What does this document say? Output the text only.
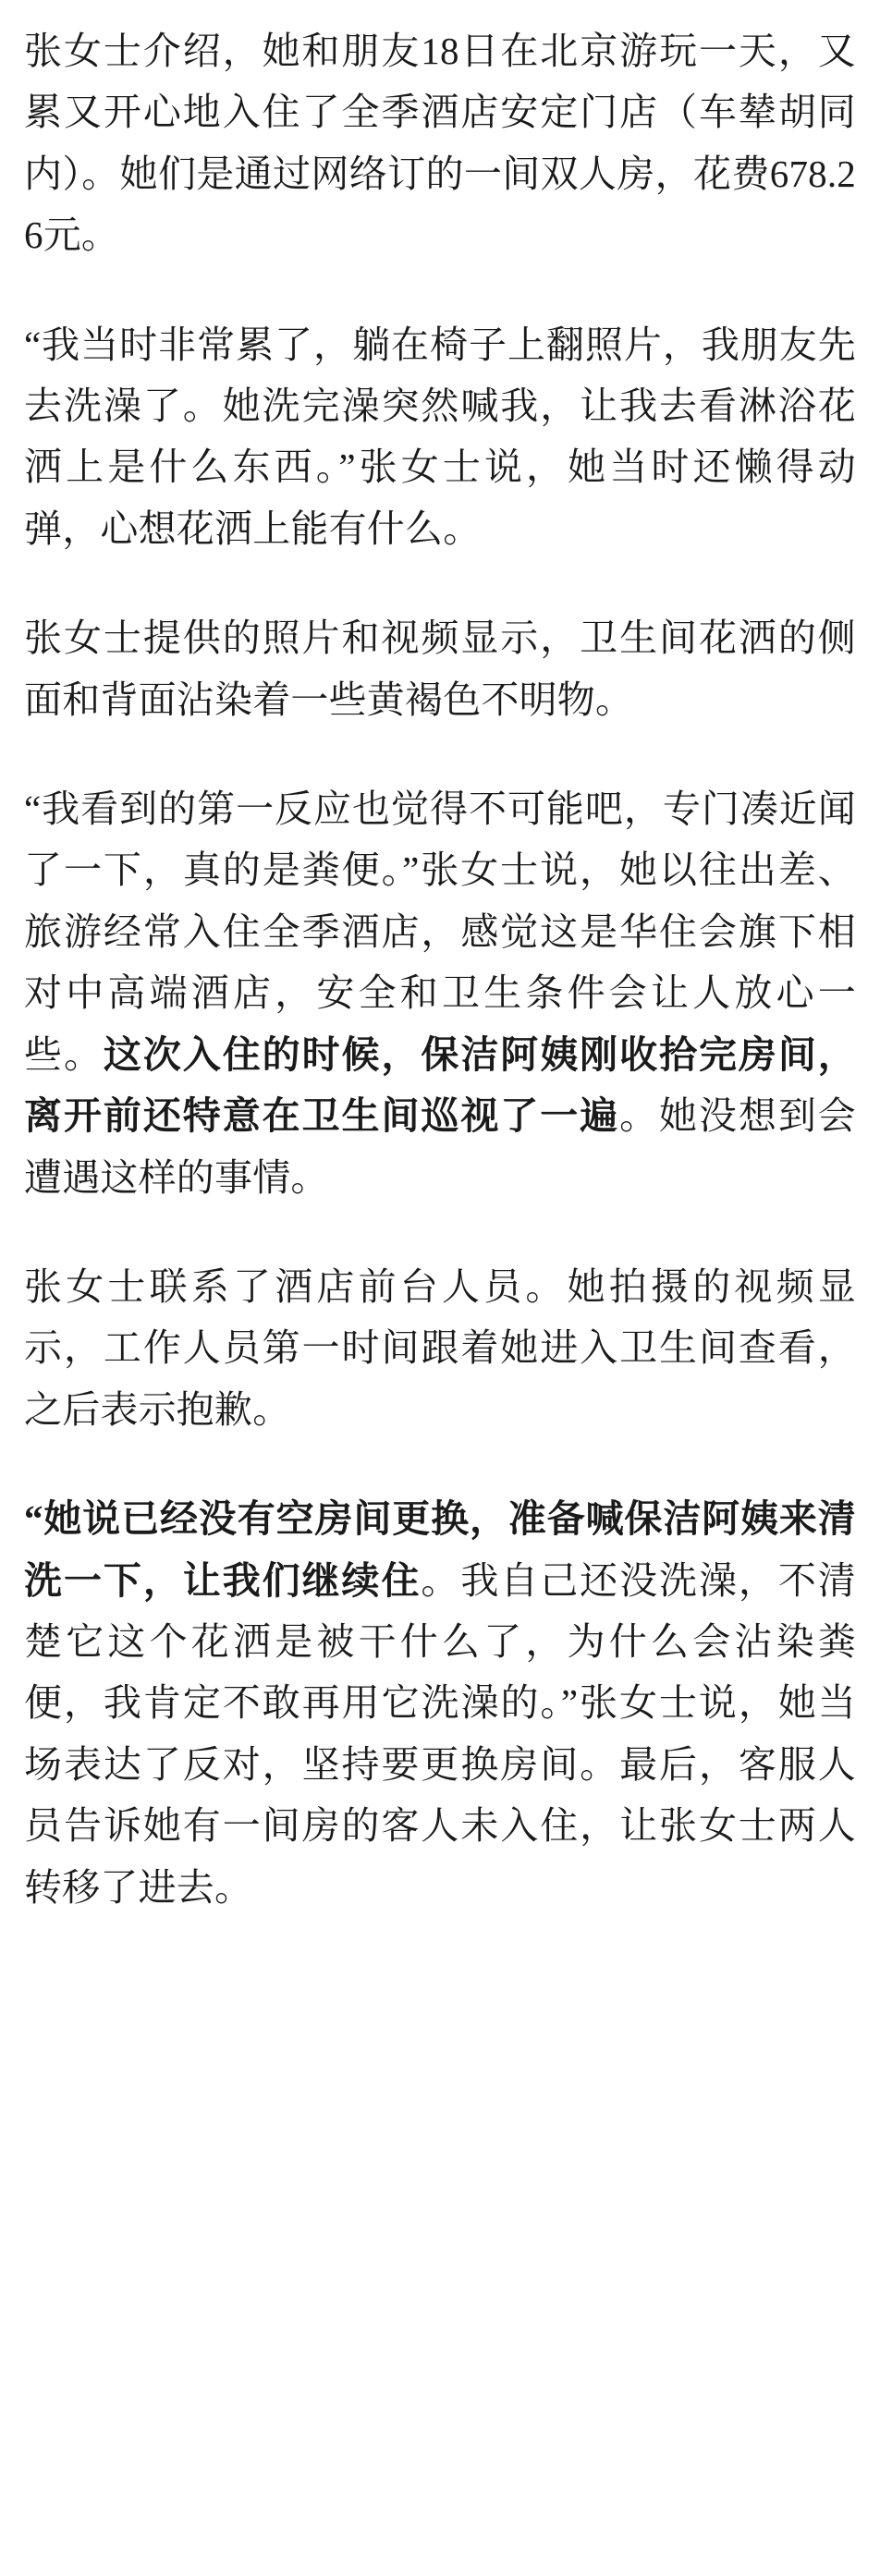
张女士介绍，她和朋友18日在北京游玩一天，又累又开心地入住了全季酒店安定门店（车辇胡同内）。她们是通过网络订的一间双人房，花费678.26元。

“我当时非常累了，躺在椅子上翻照片，我朋友先去洗澡了。她洗完澡突然喊我，让我去看淋浴花洒上是什么东西。”张女士说，她当时还懒得动弹，心想花洒上能有什么。

张女士提供的照片和视频显示，卫生间花洒的侧面和背面沾染着一些黄褐色不明物。

“我看到的第一反应也觉得不可能吧，专门凑近闻了一下，真的是粪便。”张女士说，她以往出差、旅游经常入住全季酒店，感觉这是华住会旗下相对中高端酒店，安全和卫生条件会让人放心一些。这次入住的时候，保洁阿姨刚收拾完房间，离开前还特意在卫生间巡视了一遍。她没想到会遭遇这样的事情。

张女士联系了酒店前台人员。她拍摄的视频显示，工作人员第一时间跟着她进入卫生间查看，之后表示抱歉。

“她说已经没有空房间更换，准备喊保洁阿姨来清洗一下，让我们继续住。我自己还没洗澡，不清楚它这个花洒是被干什么了，为什么会沾染粪便，我肯定不敢再用它洗澡的。”张女士说，她当场表达了反对，坚持要更换房间。最后，客服人员告诉她有一间房的客人未入住，让张女士两人转移了进去。
